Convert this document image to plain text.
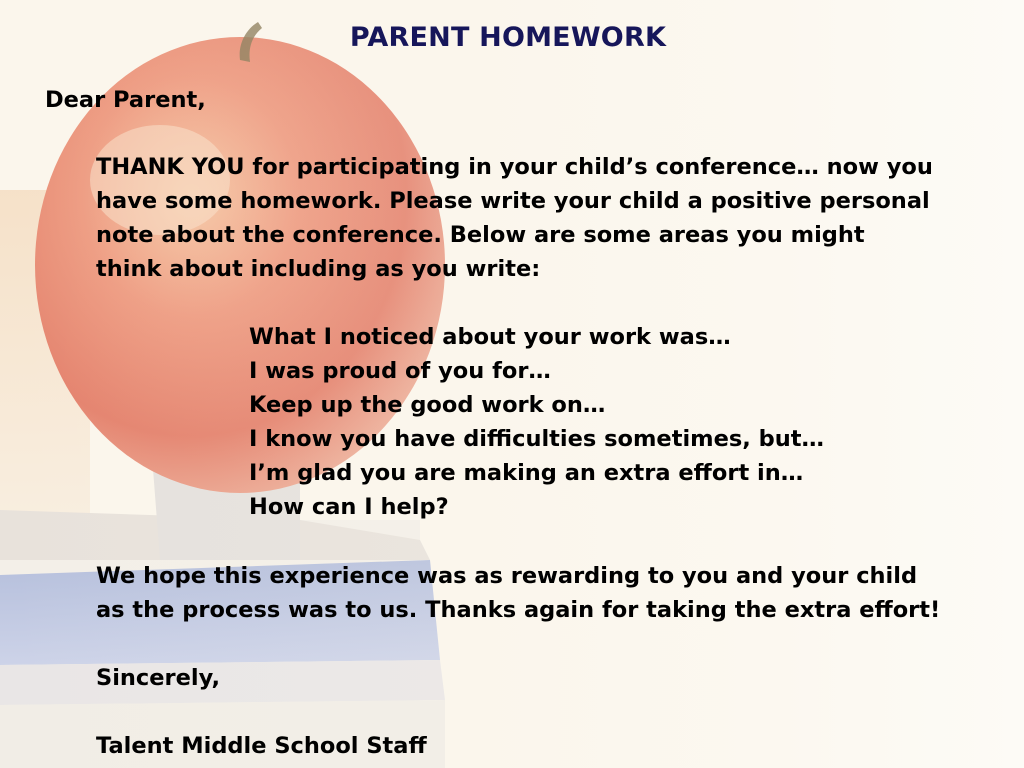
PARENT HOMEWORK

Dear Parent,

THANK YOU for participating in your child’s conference… now you
have some homework. Please write your child a positive personal
note about the conference. Below are some areas you might
think about including as you write:
What I noticed about your work was…
I was proud of you for…
Keep up the good work on…
I know you have difficulties sometimes, but…
I’m glad you are making an extra effort in…
How can I help?
We hope this experience was as rewarding to you and your child
as the process was to us. Thanks again for taking the extra effort!

Sincerely,

Talent Middle School Staff
